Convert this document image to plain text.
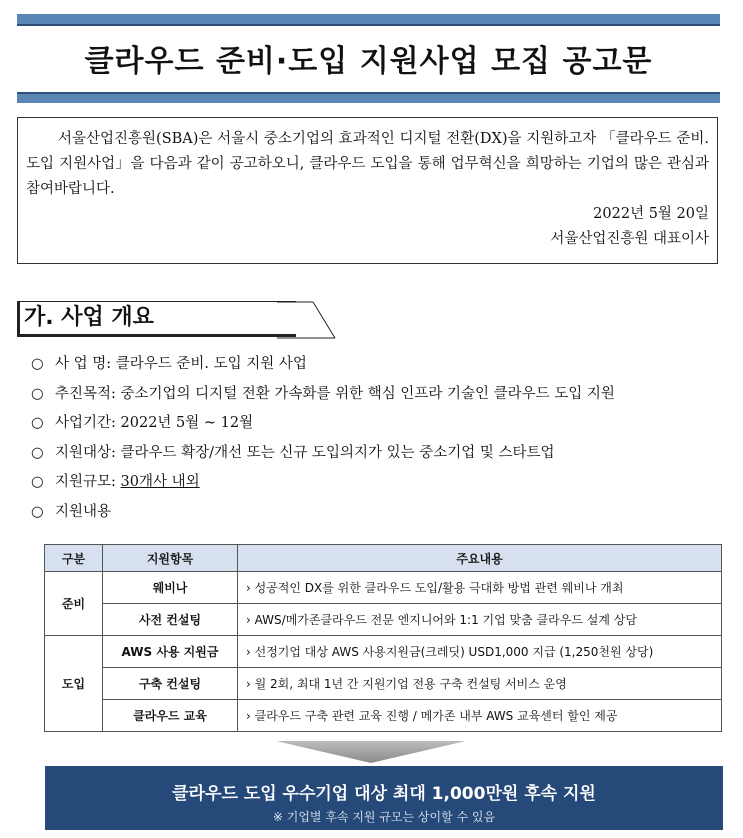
클라우드 준비·도입 지원사업 모집 공고문

서울산업진흥원(SBA)은 서울시 중소기업의 효과적인 디지털 전환(DX)을 지원하고자 「클라우드 준비. 도입 지원사업」을 다음과 같이 공고하오니, 클라우드 도입을 통해 업무혁신을 희망하는 기업의 많은 관심과 참여바랍니다.

2022년 5월 20일

서울산업진흥원 대표이사

가. 사업 개요
○ 사 업 명: 클라우드 준비. 도입 지원 사업
○ 추진목적: 중소기업의 디지털 전환 가속화를 위한 핵심 인프라 기술인 클라우드 도입 지원
○ 사업기간: 2022년 5월 ~ 12월
○ 지원대상: 클라우드 확장/개선 또는 신규 도입의지가 있는 중소기업 및 스타트업
○ 지원규모: 30개사 내외
○ 지원내용
구분	지원항목	주요내용
준비	웨비나	› 성공적인 DX를 위한 클라우드 도입/활용 극대화 방법 관련 웨비나 개최
	사전 컨설팅	› AWS/메가존클라우드 전문 엔지니어와 1:1 기업 맞춤 클라우드 설계 상담
도입	AWS 사용 지원금	› 선정기업 대상 AWS 사용지원금(크레딧) USD1,000 지급 (1,250천원 상당)
	구축 컨설팅	› 월 2회, 최대 1년 간 지원기업 전용 구축 컨설팅 서비스 운영
	클라우드 교육	› 클라우드 구축 관련 교육 진행 / 메가존 내부 AWS 교육센터 할인 제공
클라우드 도입 우수기업 대상 최대 1,000만원 후속 지원
※ 기업별 후속 지원 규모는 상이할 수 있음
